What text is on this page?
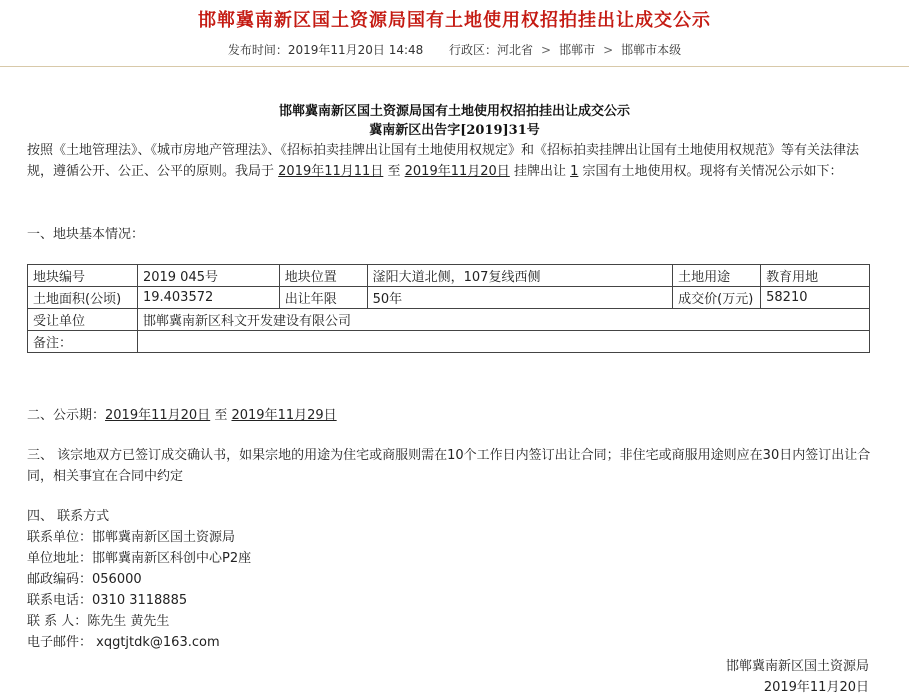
邯郸冀南新区国土资源局国有土地使用权招拍挂出让成交公示
发布时间：2019年11月20日 14:48 行政区：河北省 > 邯郸市 > 邯郸市本级
邯郸冀南新区国土资源局国有土地使用权招拍挂出让成交公示
冀南新区出告字[2019]31号
按照《土地管理法》、《城市房地产管理法》、《招标拍卖挂牌出让国有土地使用权规定》和《招标拍卖挂牌出让国有土地使用权规范》等有关法律法规，遵循公开、公正、公平的原则。我局于 2019年11月11日 至 2019年11月20日 挂牌出让 1 宗国有土地使用权。现将有关情况公示如下：
一、地块基本情况：
地块编号	2019 045号	地块位置	滏阳大道北侧，107复线西侧	土地用途	教育用地
土地面积(公顷)	19.403572	出让年限	50年	成交价(万元)	58210
受让单位	邯郸冀南新区科文开发建设有限公司				
备注：					
二、公示期：2019年11月20日 至 2019年11月29日
三、 该宗地双方已签订成交确认书，如果宗地的用途为住宅或商服则需在10个工作日内签订出让合同；非住宅或商服用途则应在30日内签订出让合同，相关事宜在合同中约定
四、 联系方式
联系单位：邯郸冀南新区国土资源局
单位地址：邯郸冀南新区科创中心P2座
邮政编码：056000
联系电话：0310 3118885
联 系 人：陈先生 黄先生
电子邮件： xqgtjtdk@163.com
邯郸冀南新区国土资源局
2019年11月20日
